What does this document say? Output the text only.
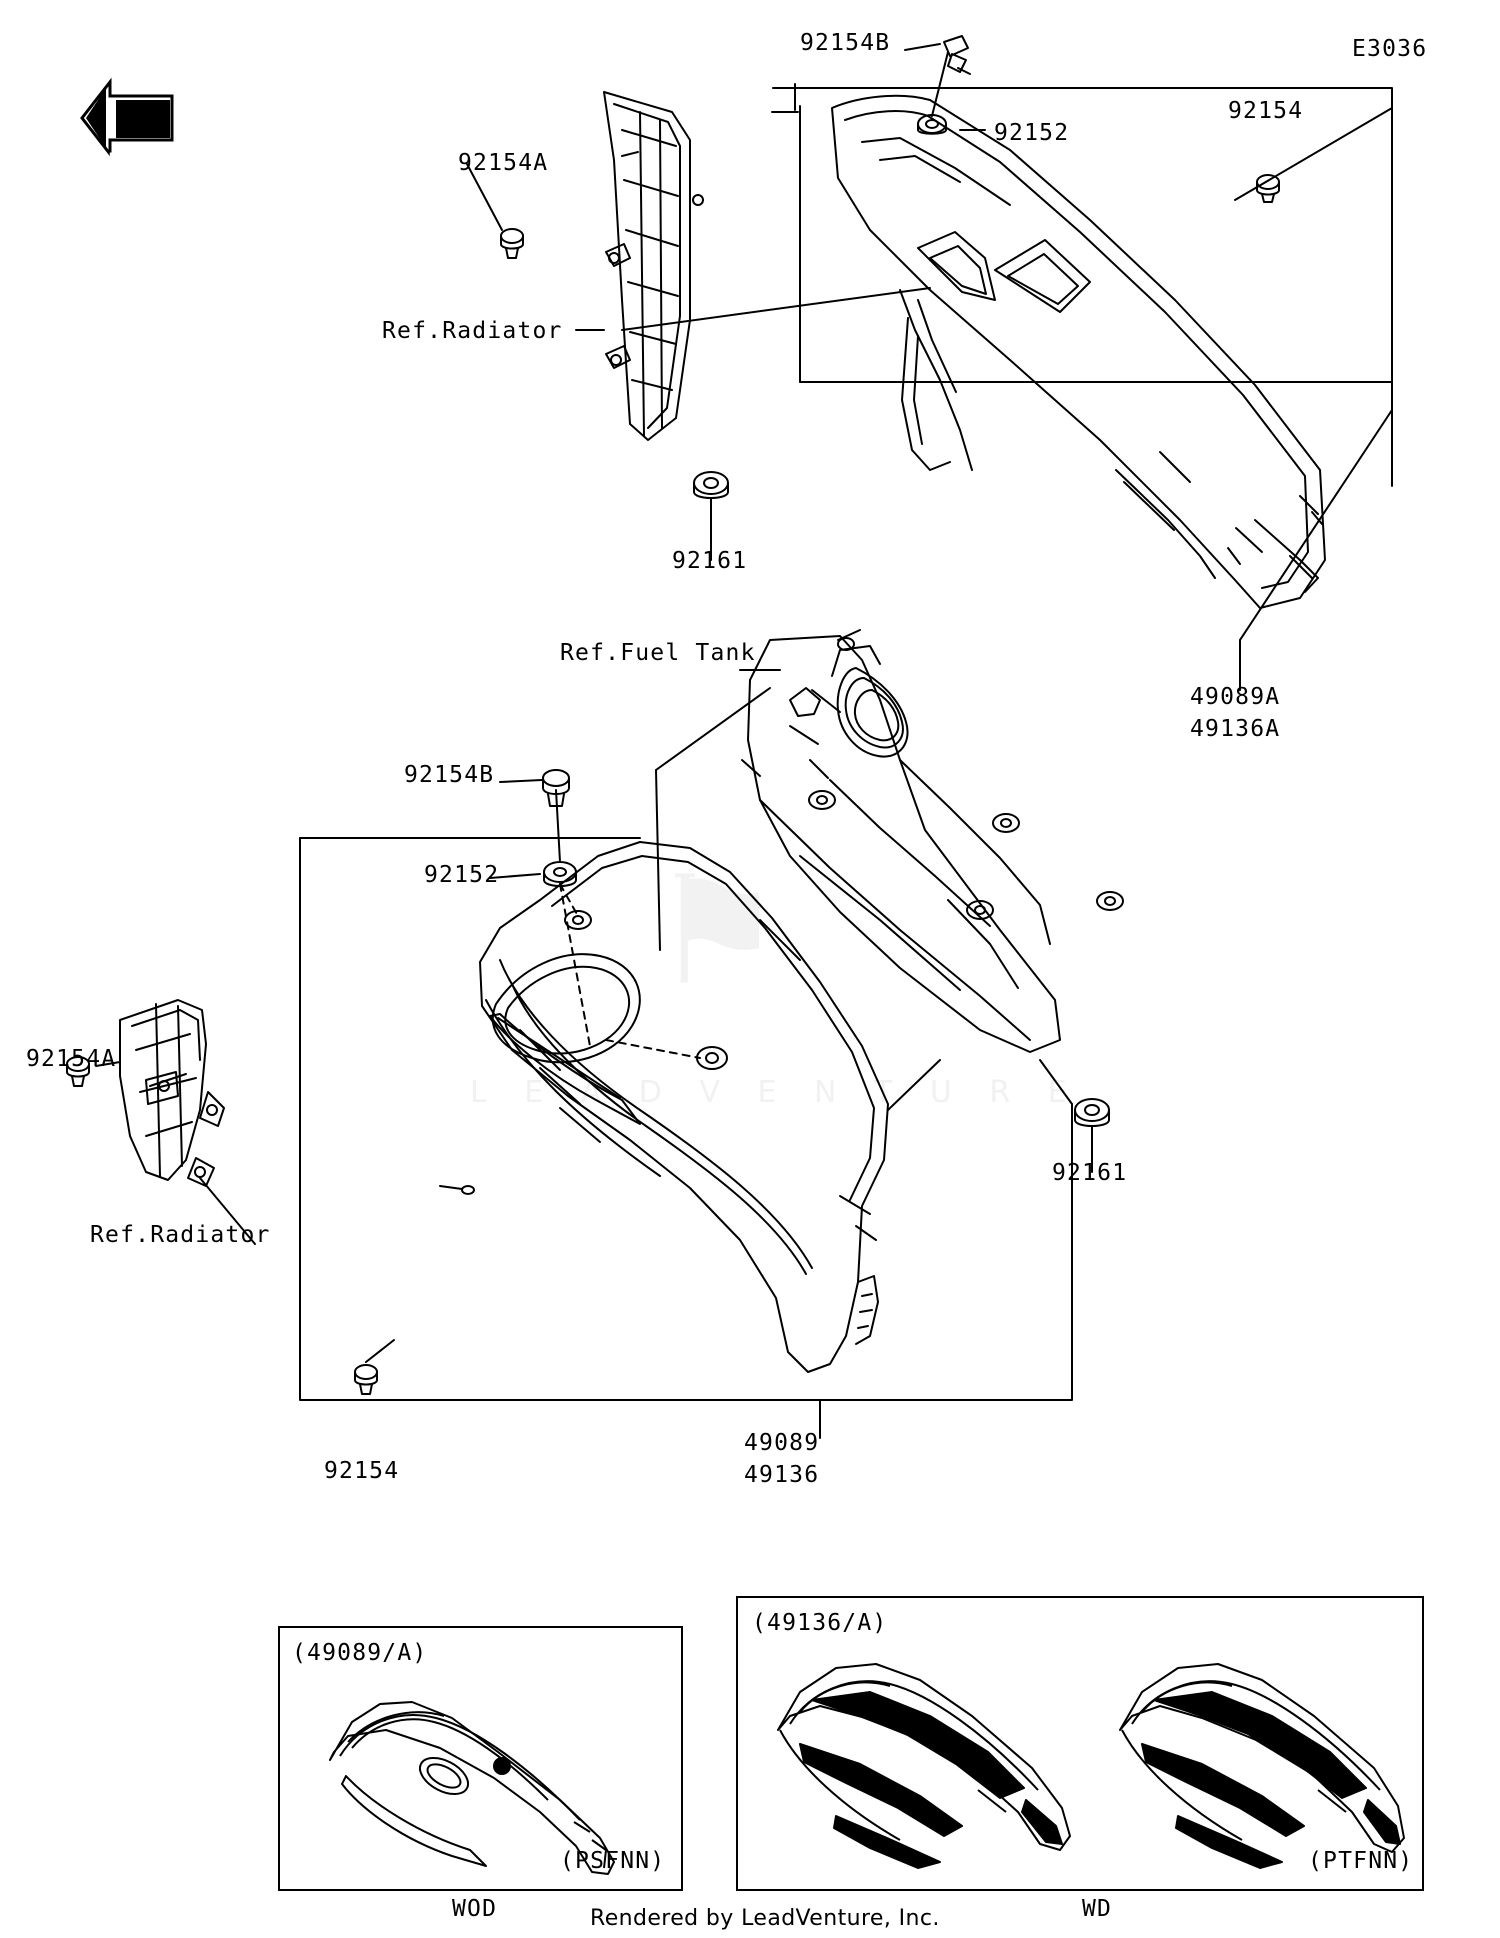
⚑
L E A D V E N T U R E
FRONT
92154B
92152
92154
92154A
Ref.Radiator
92161
49089A
49136A
Ref.Fuel Tank
92154B
92152
92154A
Ref.Radiator
92161
92154
49089
49136
E3036
(49089/A)
(PSFNN)
WOD
(49136/A)
(PTFNN)
WD
Rendered by LeadVenture, Inc.
